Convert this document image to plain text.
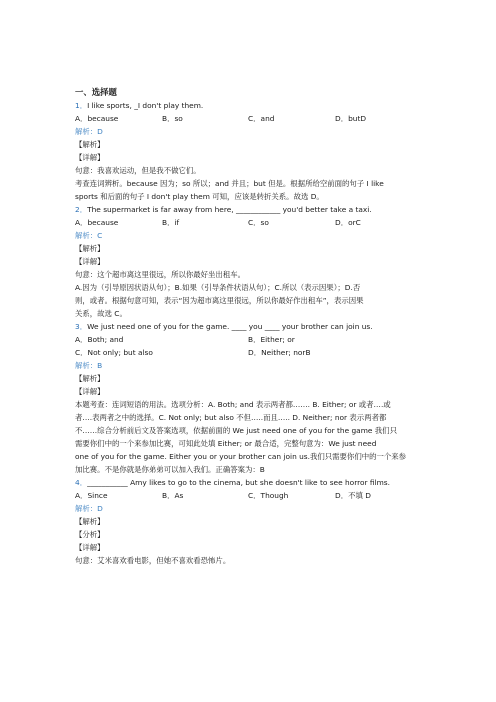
一、选择题
1．I like sports, _I don't play them.
A．because	B．so	C．and	D．butD
解析：D
【解析】
【详解】
句意：我喜欢运动，但是我不做它们。
考查连词辨析。because 因为；so 所以；and 并且；but 但是。根据所给空前面的句子 I like
sports 和后面的句子 I don't play them 可知，应该是转折关系。故选 D。
2．The supermarket is far away from here, ____________ you'd better take a taxi.
A．because	B．if	C．so	D．orC
解析：C
【解析】
【详解】
句意：这个超市离这里很远，所以你最好坐出租车。
A.因为（引导原因状语从句）；B.如果（引导条件状语从句）；C.所以（表示因果）；D.否
则，或者。根据句意可知，表示“因为超市离这里很远，所以你最好作出租车”，表示因果
关系，故选 C。
3．We just need one of you for the game. ____ you ____ your brother can join us.
A．Both; and	B．Either; or
C．Not only; but also	D．Neither; norB
解析：B
【解析】
【详解】
本题考查：连词短语的用法。选项分析：A. Both; and 表示两者都……. B. Either; or 或者….或
者….表两者之中的选择。C. Not only; but also 不但…..而且….. D. Neither; nor 表示两者都
不……综合分析前后文及答案选项，依据前面的 We just need one of you for the game 我们只
需要你们中的一个来参加比赛，可知此处填 Either; or 最合适，完整句意为：We just need
one of you for the game. Either you or your brother can join us.我们只需要你们中的一个来参
加比赛。不是你就是你弟弟可以加入我们。正确答案为：B
4．___________ Amy likes to go to the cinema, but she doesn't like to see horror films.
A．Since	B．As	C．Though	D．不填 D
解析：D
【解析】
【分析】
【详解】
句意：艾米喜欢看电影，但她不喜欢看恐怖片。
